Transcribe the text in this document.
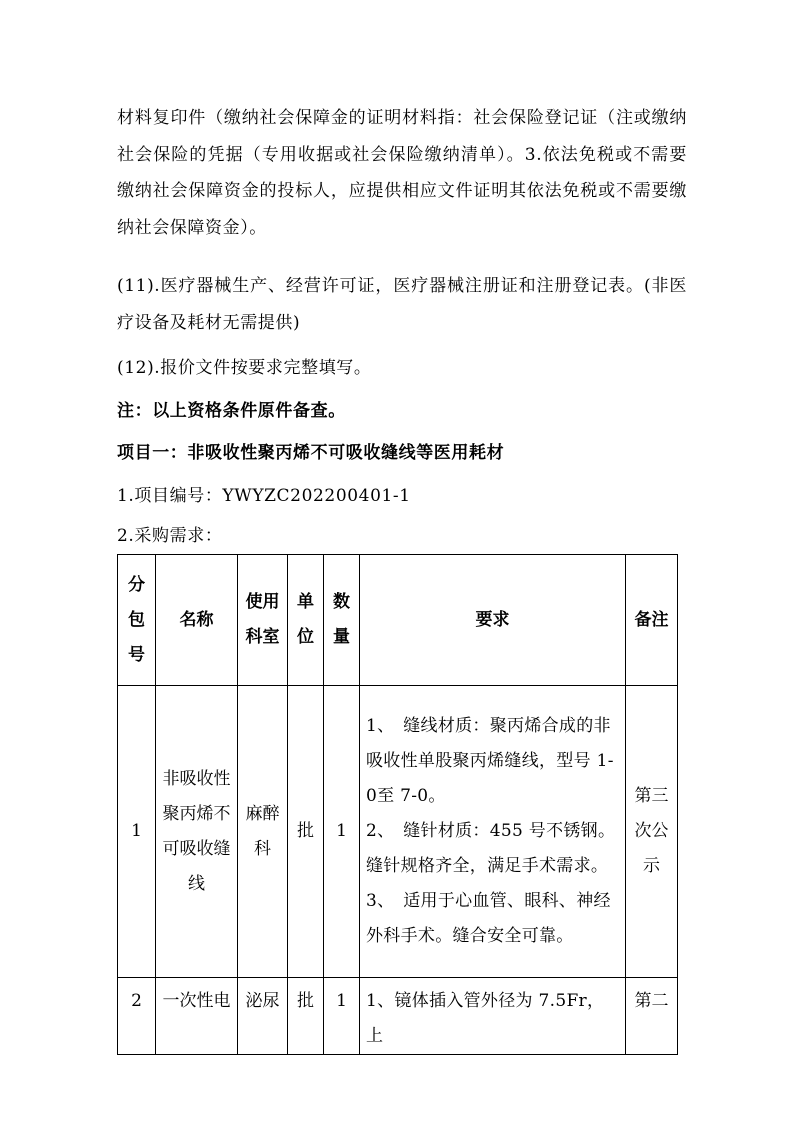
材料复印件（缴纳社会保障金的证明材料指：社会保险登记证（注或缴纳社会保险的凭据（专用收据或社会保险缴纳清单）。3.依法免税或不需要缴纳社会保障资金的投标人，应提供相应文件证明其依法免税或不需要缴纳社会保障资金）。

(11).医疗器械生产、经营许可证，医疗器械注册证和注册登记表。(非医疗设备及耗材无需提供)

(12).报价文件按要求完整填写。

注：以上资格条件原件备查。

项目一：非吸收性聚丙烯不可吸收缝线等医用耗材

1.项目编号：YWYZC202200401-1

2.采购需求：

分包号	名称	使用科室	单位	数量	要求	备注
1	非吸收性聚丙烯不可吸收缝线	麻醉科	批	1	1、　缝线材质：聚丙烯合成的非吸收性单股聚丙烯缝线，型号 1-0至 7-0。
2、　缝针材质：455 号不锈钢。缝针规格齐全，满足手术需求。
3、　适用于心血管、眼科、神经外科手术。缝合安全可靠。	第三次公示
2	一次性电	泌尿	批	1	1、镜体插入管外径为 7.5Fr，上	第二
